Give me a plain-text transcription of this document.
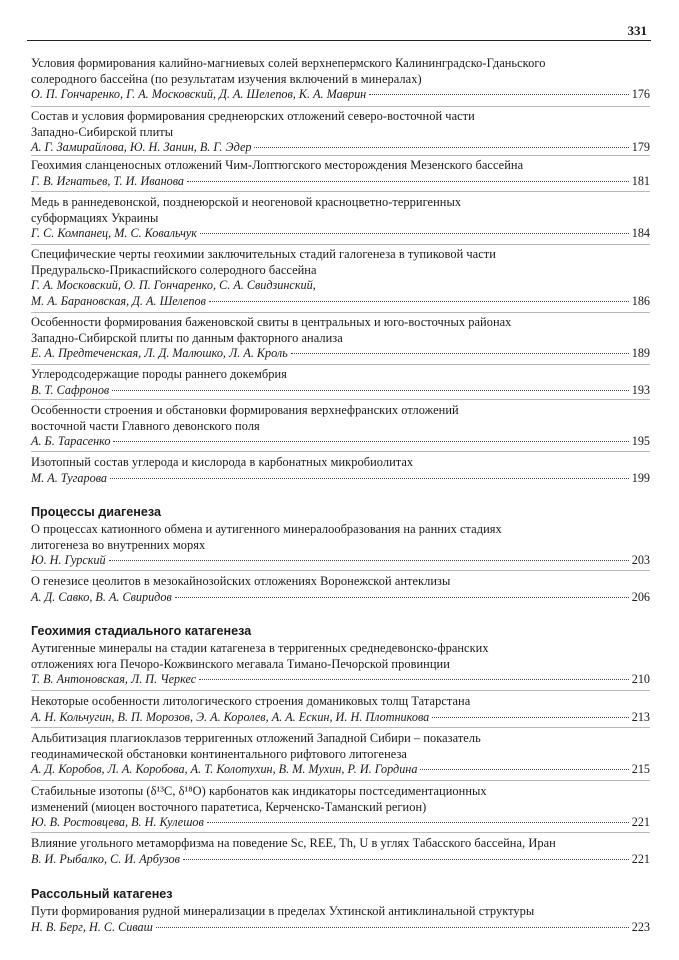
331
Условия формирования калийно-магниевых солей верхнепермского Калининградско-Гданьского
солеродного бассейна (по результатам изучения включений в минералах)
О. П. Гончаренко, Г. А. Московский, Д. А. Шелепов, К. А. Маврин	176
Состав и условия формирования среднеюрских отложений северо-восточной части
Западно-Сибирской плиты
А. Г. Замирайлова, Ю. Н. Занин, В. Г. Эдер	179
Геохимия сланценосных отложений Чим-Лоптюгского месторождения Мезенского бассейна
Г. В. Игнатьев, Т. И. Иванова	181
Медь в раннедевонской, позднеюрской и неогеновой красноцветно-терригенных
субформациях Украины
Г. С. Компанец, М. С. Ковальчук	184
Специфические черты геохимии заключительных стадий галогенеза в тупиковой части
Предуральско-Прикаспийского солеродного бассейна
Г. А. Московский, О. П. Гончаренко, С. А. Свидзинский,
М. А. Барановская, Д. А. Шелепов	186
Особенности формирования баженовской свиты в центральных и юго-восточных районах
Западно-Сибирской плиты по данным факторного анализа
Е. А. Предтеченская, Л. Д. Малюшко, Л. А. Кроль	189
Углеродсодержащие породы раннего докембрия
В. Т. Сафронов	193
Особенности строения и обстановки формирования верхнефранских отложений
восточной части Главного девонского поля
А. Б. Тарасенко	195
Изотопный состав углерода и кислорода в карбонатных микробиолитах
М. А. Тугарова	199
Процессы диагенеза
О процессах катионного обмена и аутигенного минералообразования на ранних стадиях
литогенеза во внутренних морях
Ю. Н. Гурский	203
О генезисе цеолитов в мезокайнозойских отложениях Воронежской антеклизы
А. Д. Савко, В. А. Свиридов	206
Геохимия стадиального катагенеза
Аутигенные минералы на стадии катагенеза в терригенных среднедевонско-франских
отложениях юга Печоро-Кожвинского мегавала Тимано-Печорской провинции
Т. В. Антоновская, Л. П. Черкес	210
Некоторые особенности литологического строения доманиковых толщ Татарстана
А. Н. Кольчугин, В. П. Морозов, Э. А. Королев, А. А. Ескин, И. Н. Плотникова	213
Альбитизация плагиоклазов терригенных отложений Западной Сибири – показатель
геодинамической обстановки континентального рифтового литогенеза
А. Д. Коробов, Л. А. Коробова, А. Т. Колотухин, В. М. Мухин, Р. И. Гордина	215
Стабильные изотопы (δ¹³C, δ¹⁸O) карбонатов как индикаторы постседиментационных
изменений (миоцен восточного паратетиса, Керченско-Таманский регион)
Ю. В. Ростовцева, В. Н. Кулешов	221
Влияние угольного метаморфизма на поведение Sc, REE, Th, U в углях Табасского бассейна, Иран
В. И. Рыбалко, С. И. Арбузов	221
Рассольный катагенез
Пути формирования рудной минерализации в пределах Ухтинской антиклинальной структуры
Н. В. Берг, Н. С. Сиваш	223
